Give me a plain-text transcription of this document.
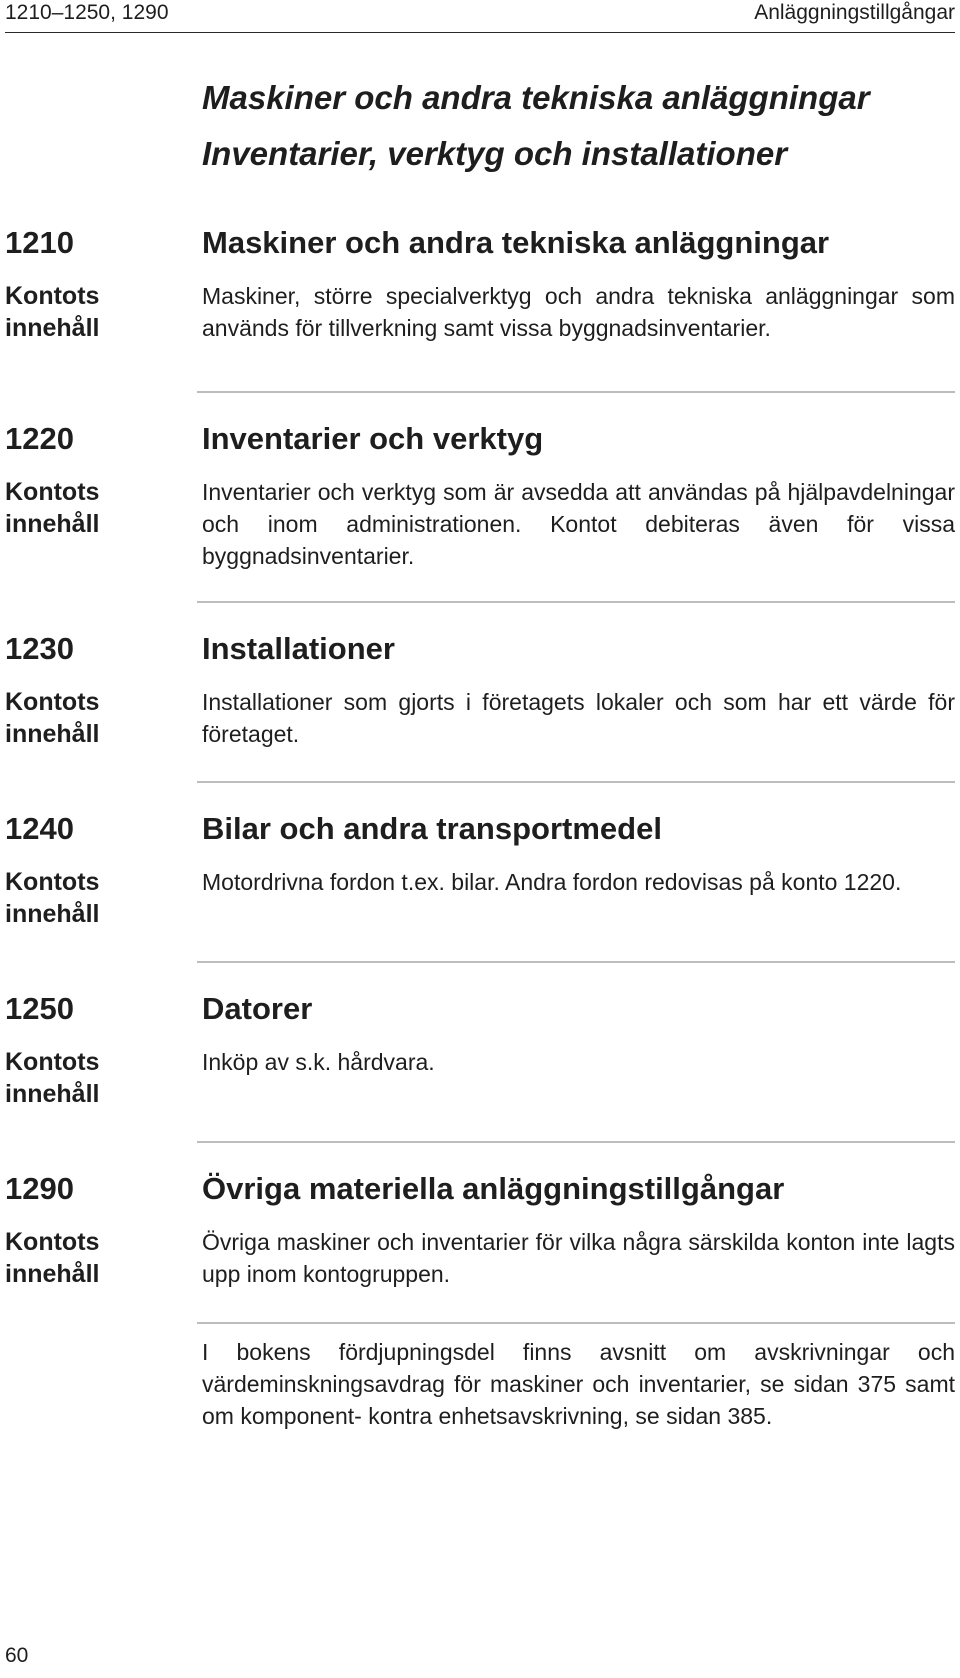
1210–1250, 1290	Anläggningstillgångar
Maskiner och andra tekniska anläggningar
Inventarier, verktyg och installationer
1210	Maskiner och andra tekniska anläggningar
Kontots
innehåll
Maskiner, större specialverktyg och andra tekniska anläggningar som används för tillverkning samt vissa byggnadsinventarier.
1220	Inventarier och verktyg
Kontots
innehåll
Inventarier och verktyg som är avsedda att användas på hjälpavdelningar och inom administrationen. Kontot debiteras även för vissa byggnadsinventarier.
1230	Installationer
Kontots
innehåll
Installationer som gjorts i företagets lokaler och som har ett värde för företaget.
1240	Bilar och andra transportmedel
Kontots
innehåll
Motordrivna fordon t.ex. bilar. Andra fordon redovisas på konto 1220.
1250	Datorer
Kontots
innehåll
Inköp av s.k. hårdvara.
1290	Övriga materiella anläggningstillgångar
Kontots
innehåll
Övriga maskiner och inventarier för vilka några särskilda konton inte lagts upp inom kontogruppen.
I bokens fördjupningsdel finns avsnitt om avskrivningar och värdeminskningsavdrag för maskiner och inventarier, se sidan 375 samt om komponent- kontra enhetsavskrivning, se sidan 385.
60
